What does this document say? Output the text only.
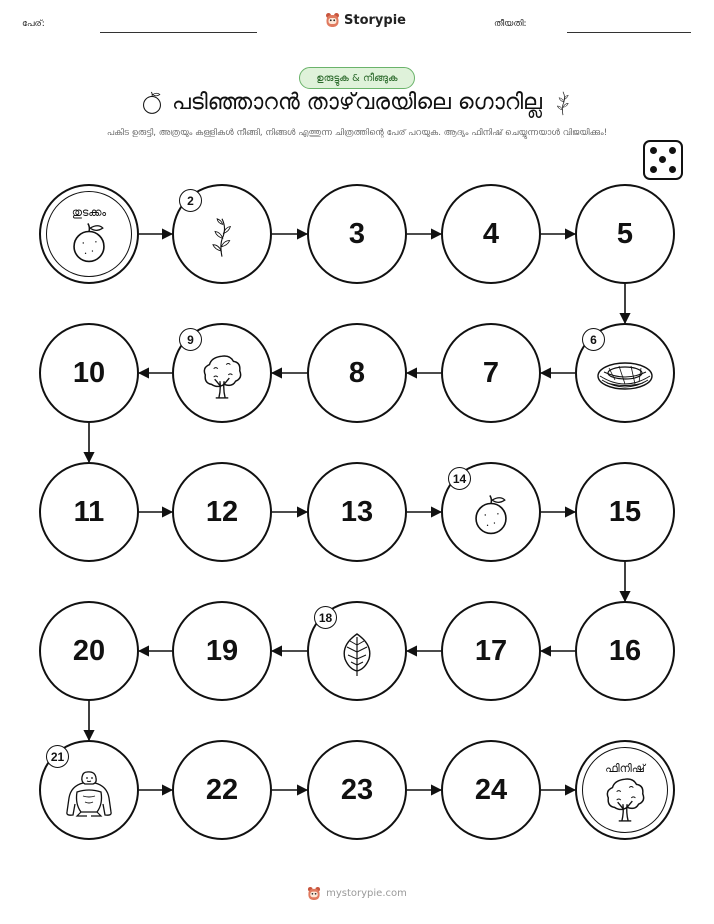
പേര്:	Storypie	തീയതി:
ഉരുട്ടുക & നീങ്ങുക
പടിഞ്ഞാറൻ താഴ്‌വരയിലെ ഗൊറില്ല
പകിട ഉരുട്ടി, അത്രയും കള്ളികൾ നീങ്ങി, നിങ്ങൾ എത്തുന്ന ചിത്രത്തിന്റെ പേര് പറയുക. ആദ്യം ഫിനിഷ് ചെയ്യുന്നയാൾ വിജയിക്കും!
തുടക്കം
2
3	4	5
6
7
8
9
10
11	12	13
14
15
16
17
18
19
20
21
22	23	24
ഫിനിഷ്
mystorypie.com
